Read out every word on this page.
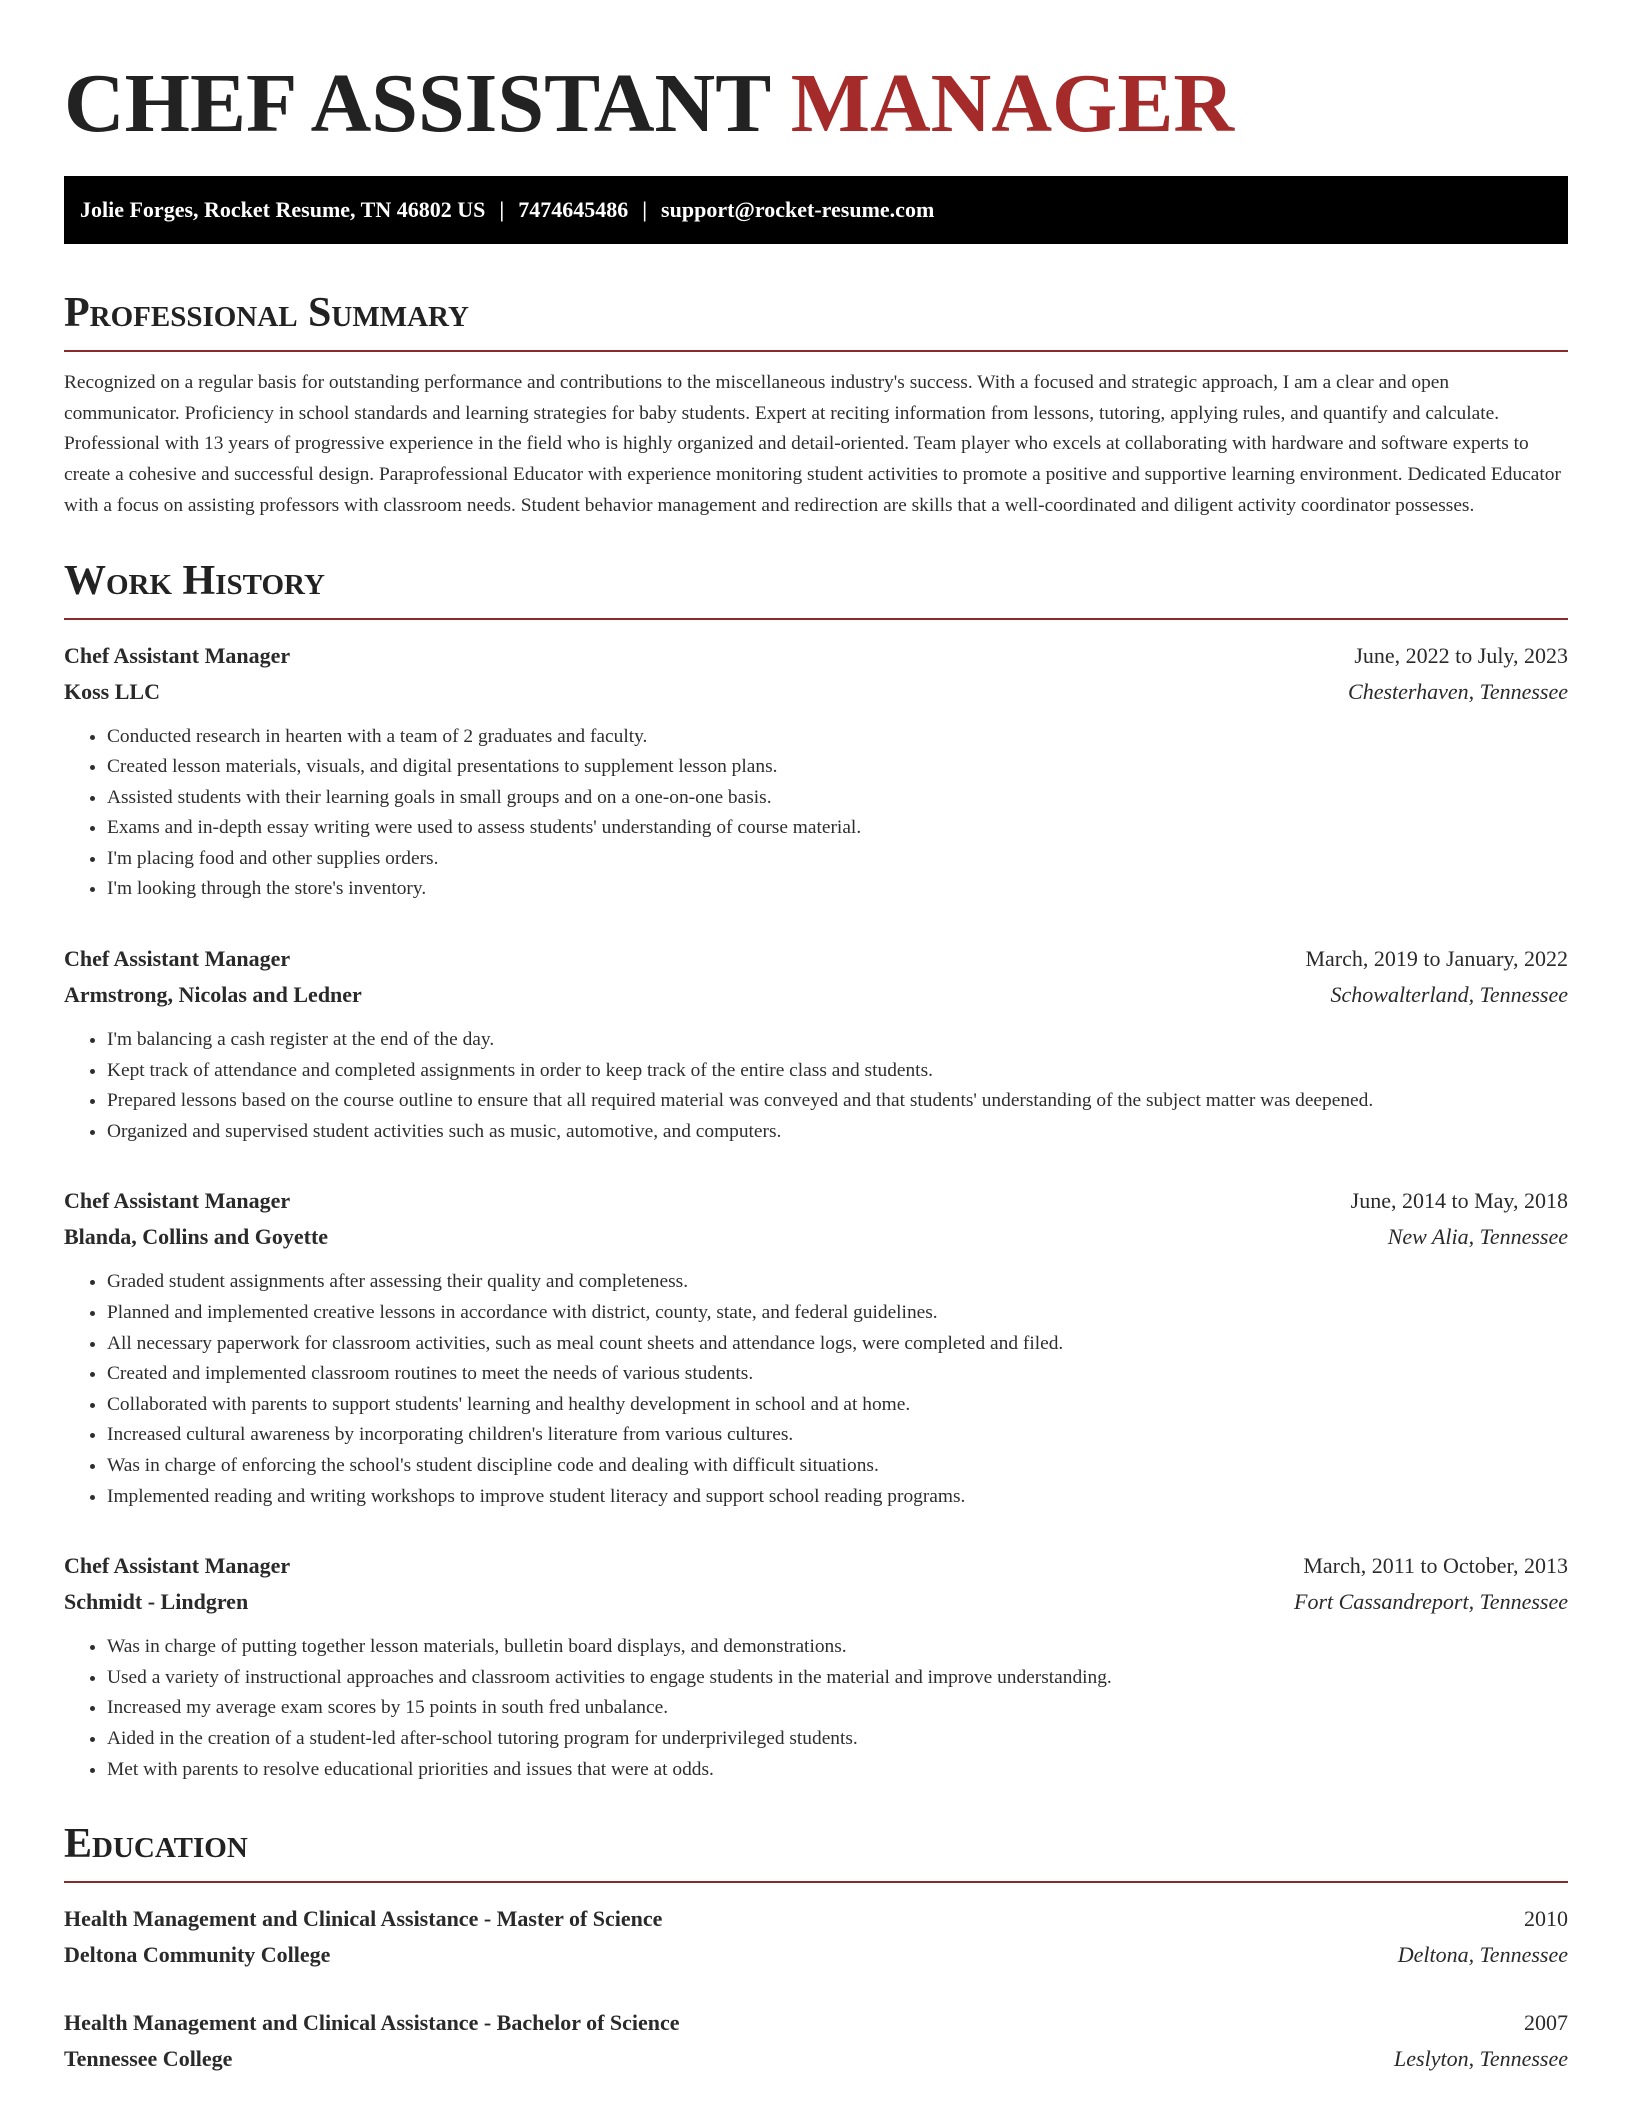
CHEF ASSISTANT MANAGER
Jolie Forges, Rocket Resume, TN 46802 US | 7474645486 | support@rocket-resume.com
Professional Summary

Recognized on a regular basis for outstanding performance and contributions to the miscellaneous industry's success. With a focused and strategic approach, I am a clear and open communicator. Proficiency in school standards and learning strategies for baby students. Expert at reciting information from lessons, tutoring, applying rules, and quantify and calculate. Professional with 13 years of progressive experience in the field who is highly organized and detail-oriented. Team player who excels at collaborating with hardware and software experts to create a cohesive and successful design. Paraprofessional Educator with experience monitoring student activities to promote a positive and supportive learning environment. Dedicated Educator with a focus on assisting professors with classroom needs. Student behavior management and redirection are skills that a well-coordinated and diligent activity coordinator possesses.

Work History
Chef Assistant Manager	June, 2022 to July, 2023
Koss LLC	Chesterhaven, Tennessee
• Conducted research in hearten with a team of 2 graduates and faculty.
• Created lesson materials, visuals, and digital presentations to supplement lesson plans.
• Assisted students with their learning goals in small groups and on a one-on-one basis.
• Exams and in-depth essay writing were used to assess students' understanding of course material.
• I'm placing food and other supplies orders.
• I'm looking through the store's inventory.
Chef Assistant Manager	March, 2019 to January, 2022
Armstrong, Nicolas and Ledner	Schowalterland, Tennessee
• I'm balancing a cash register at the end of the day.
• Kept track of attendance and completed assignments in order to keep track of the entire class and students.
• Prepared lessons based on the course outline to ensure that all required material was conveyed and that students' understanding of the subject matter was deepened.
• Organized and supervised student activities such as music, automotive, and computers.
Chef Assistant Manager	June, 2014 to May, 2018
Blanda, Collins and Goyette	New Alia, Tennessee
• Graded student assignments after assessing their quality and completeness.
• Planned and implemented creative lessons in accordance with district, county, state, and federal guidelines.
• All necessary paperwork for classroom activities, such as meal count sheets and attendance logs, were completed and filed.
• Created and implemented classroom routines to meet the needs of various students.
• Collaborated with parents to support students' learning and healthy development in school and at home.
• Increased cultural awareness by incorporating children's literature from various cultures.
• Was in charge of enforcing the school's student discipline code and dealing with difficult situations.
• Implemented reading and writing workshops to improve student literacy and support school reading programs.
Chef Assistant Manager	March, 2011 to October, 2013
Schmidt - Lindgren	Fort Cassandreport, Tennessee
• Was in charge of putting together lesson materials, bulletin board displays, and demonstrations.
• Used a variety of instructional approaches and classroom activities to engage students in the material and improve understanding.
• Increased my average exam scores by 15 points in south fred unbalance.
• Aided in the creation of a student-led after-school tutoring program for underprivileged students.
• Met with parents to resolve educational priorities and issues that were at odds.
Education
Health Management and Clinical Assistance - Master of Science	2010
Deltona Community College	Deltona, Tennessee
Health Management and Clinical Assistance - Bachelor of Science	2007
Tennessee College	Leslyton, Tennessee
